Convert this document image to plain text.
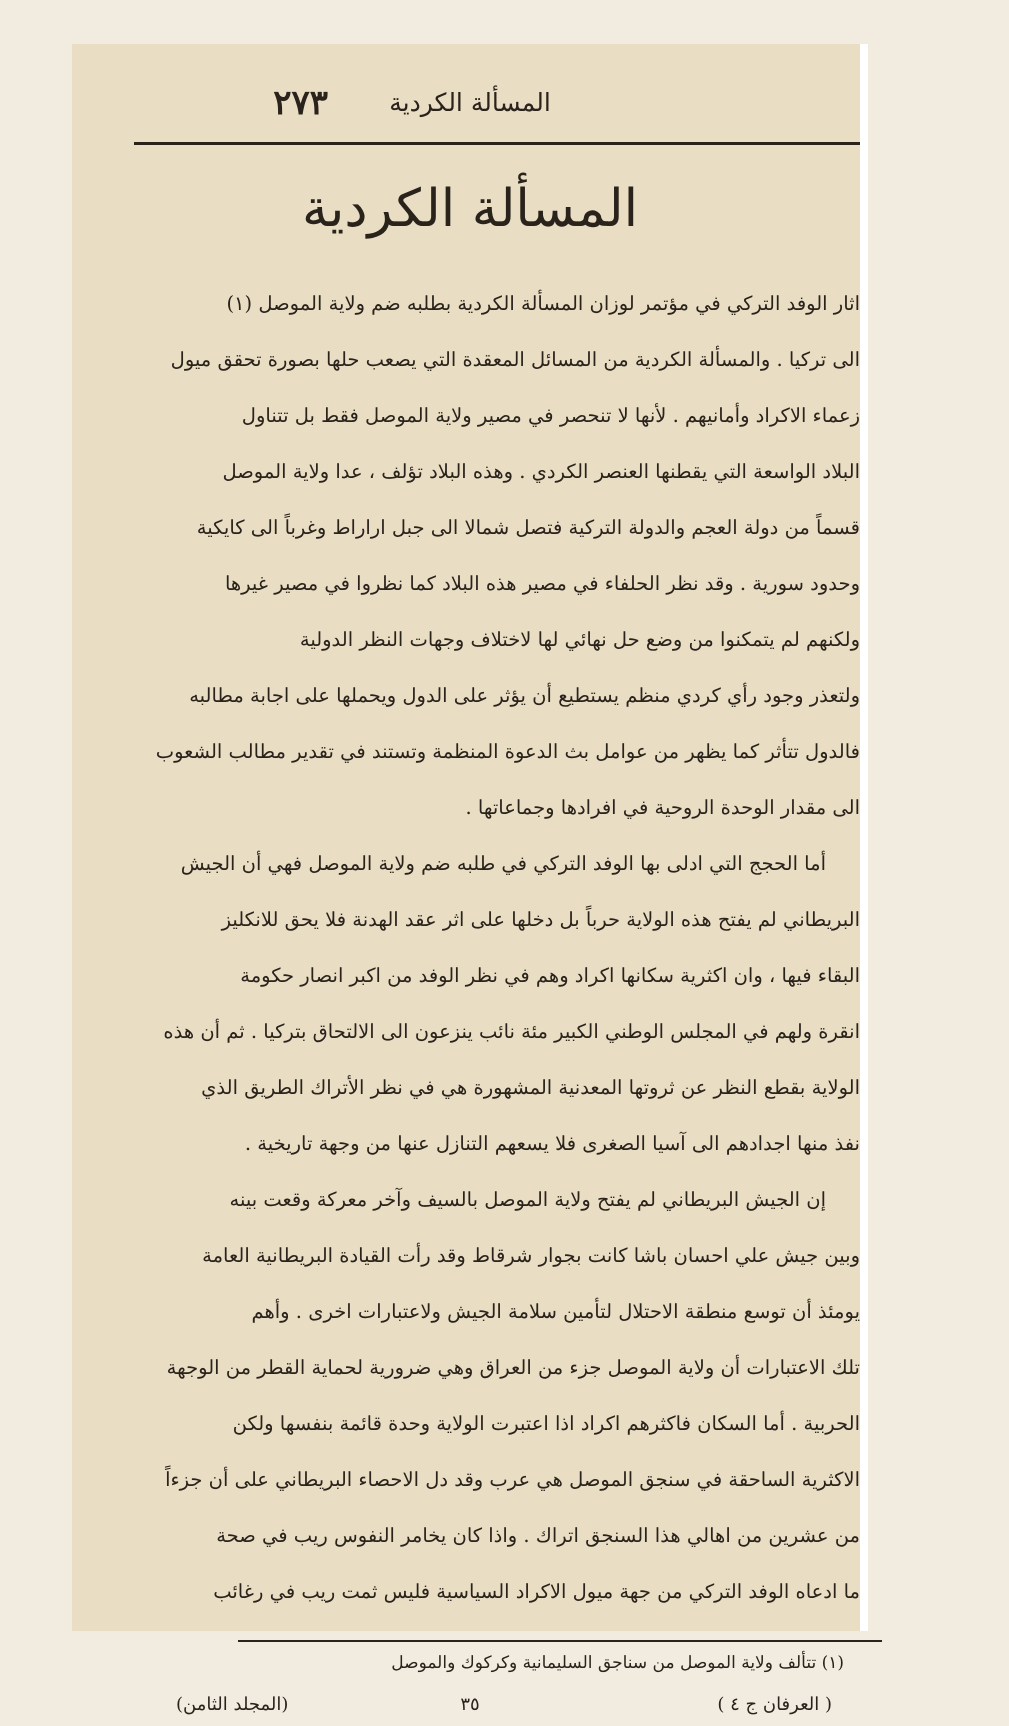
٢٧٣	المسألة الكردية
المسألة الكردية
اثار الوفد التركي في مؤتمر لوزان المسألة الكردية بطلبه ضم ولاية الموصل (١)
الى تركيا . والمسألة الكردية من المسائل المعقدة التي يصعب حلها بصورة تحقق ميول
زعماء الاكراد وأمانيهم . لأنها لا تنحصر في مصير ولاية الموصل فقط بل تتناول
البلاد الواسعة التي يقطنها العنصر الكردي . وهذه البلاد تؤلف ، عدا ولاية الموصل
قسماً من دولة العجم والدولة التركية فتصل شمالا الى جبل اراراط وغرباً الى كايكية
وحدود سورية . وقد نظر الحلفاء في مصير هذه البلاد كما نظروا في مصير غيرها
ولكنهم لم يتمكنوا من وضع حل نهائي لها لاختلاف وجهات النظر الدولية
ولتعذر وجود رأي كردي منظم يستطيع أن يؤثر على الدول ويحملها على اجابة مطالبه
فالدول تتأثر كما يظهر من عوامل بث الدعوة المنظمة وتستند في تقدير مطالب الشعوب
الى مقدار الوحدة الروحية في افرادها وجماعاتها .
أما الحجج التي ادلى بها الوفد التركي في طلبه ضم ولاية الموصل فهي أن الجيش
البريطاني لم يفتح هذه الولاية حرباً بل دخلها على اثر عقد الهدنة فلا يحق للانكليز
البقاء فيها ، وان اكثرية سكانها اكراد وهم في نظر الوفد من اكبر انصار حكومة
انقرة ولهم في المجلس الوطني الكبير مئة نائب ينزعون الى الالتحاق بتركيا . ثم أن هذه
الولاية بقطع النظر عن ثروتها المعدنية المشهورة هي في نظر الأتراك الطريق الذي
نفذ منها اجدادهم الى آسيا الصغرى فلا يسعهم التنازل عنها من وجهة تاريخية .
إن الجيش البريطاني لم يفتح ولاية الموصل بالسيف وآخر معركة وقعت بينه
وبين جيش علي احسان باشا كانت بجوار شرقاط وقد رأت القيادة البريطانية العامة
يومئذ أن توسع منطقة الاحتلال لتأمين سلامة الجيش ولاعتبارات اخرى . وأهم
تلك الاعتبارات أن ولاية الموصل جزء من العراق وهي ضرورية لحماية القطر من الوجهة
الحربية . أما السكان فاكثرهم اكراد اذا اعتبرت الولاية وحدة قائمة بنفسها ولكن
الاكثرية الساحقة في سنجق الموصل هي عرب وقد دل الاحصاء البريطاني على أن جزءاً
من عشرين من اهالي هذا السنجق اتراك . واذا كان يخامر النفوس ريب في صحة
ما ادعاه الوفد التركي من جهة ميول الاكراد السياسية فليس ثمت ريب في رغائب
(١) تتألف ولاية الموصل من سناجق السليمانية وكركوك والموصل
( العرفان ج ٤ )
٣٥
(المجلد الثامن)
